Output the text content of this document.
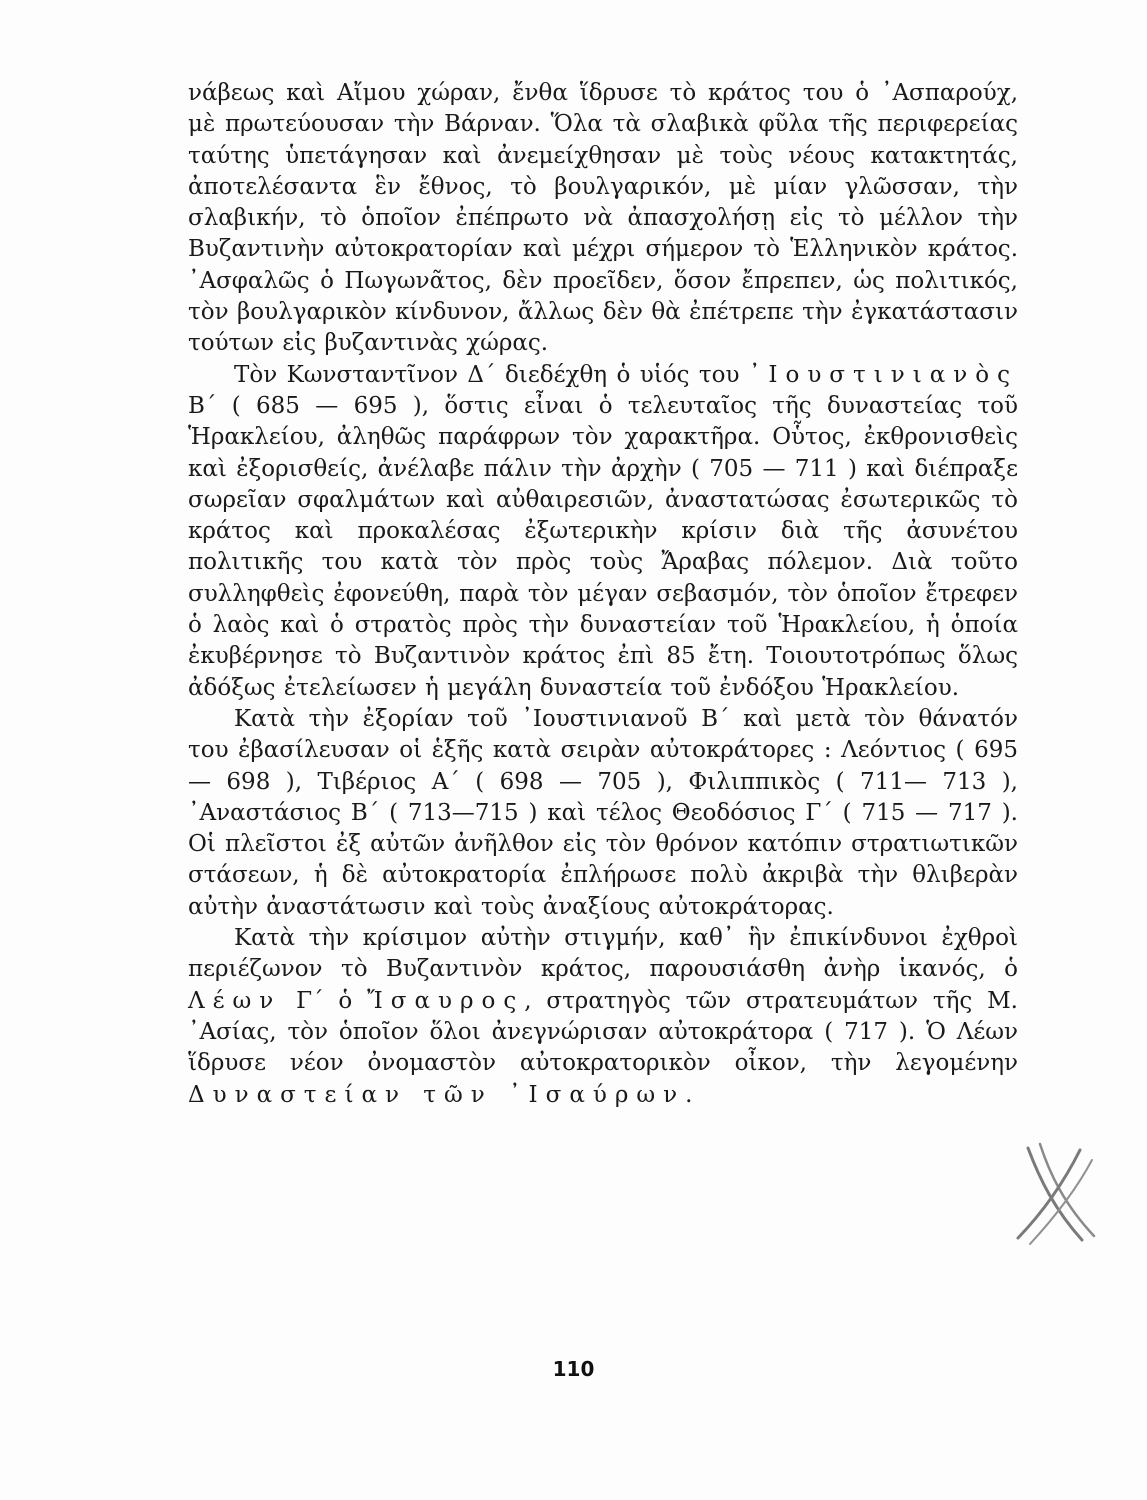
νάβεως καὶ Αἴμου χώραν, ἔνθα ἵδρυσε τὸ κράτος του ὁ ᾿Ασπαρούχ, μὲ πρωτεύουσαν τὴν Βάρναν. Ὅλα τὰ σλαβικὰ φῦλα τῆς περιφερείας ταύτης ὑπετάγησαν καὶ ἀνεμείχθησαν μὲ τοὺς νέους κατακτητάς, ἀποτελέσαντα ἓν ἔθνος, τὸ βουλγαρικόν, μὲ μίαν γλῶσσαν, τὴν σλαβικήν, τὸ ὁποῖον ἐπέπρωτο νὰ ἀπασχολήσῃ εἰς τὸ μέλλον τὴν Βυζαντινὴν αὐτοκρατορίαν καὶ μέχρι σήμερον τὸ Ἑλληνικὸν κράτος. ᾿Ασφαλῶς ὁ Πωγωνᾶτος, δὲν προεῖδεν, ὅσον ἔπρεπεν, ὡς πολιτικός, τὸν βουλγαρικὸν κίνδυνον, ἄλλως δὲν θὰ ἐπέτρεπε τὴν ἐγκατάστασιν τούτων εἰς βυζαντινὰς χώρας.

Τὸν Κωνσταντῖνον Δ΄ διεδέχθη ὁ υἱός του ᾿Ιουστινιανὸς Β΄ ( 685 — 695 ), ὅστις εἶναι ὁ τελευταῖος τῆς δυναστείας τοῦ Ἡρακλείου, ἀληθῶς παράφρων τὸν χαρακτῆρα. Οὗτος, ἐκθρονισθεὶς καὶ ἐξορισθείς, ἀνέλαβε πάλιν τὴν ἀρχὴν ( 705 — 711 ) καὶ διέπραξε σωρεῖαν σφαλμάτων καὶ αὐθαιρεσιῶν, ἀναστατώσας ἐσωτερικῶς τὸ κράτος καὶ προκαλέσας ἐξωτερικὴν κρίσιν διὰ τῆς ἀσυνέτου πολιτικῆς του κατὰ τὸν πρὸς τοὺς Ἄραβας πόλεμον. Διὰ τοῦτο συλληφθεὶς ἐφονεύθη, παρὰ τὸν μέγαν σεβασμόν, τὸν ὁποῖον ἔτρεφεν ὁ λαὸς καὶ ὁ στρατὸς πρὸς τὴν δυναστείαν τοῦ Ἡρακλείου, ἡ ὁποία ἐκυβέρνησε τὸ Βυζαντινὸν κράτος ἐπὶ 85 ἔτη. Τοιουτοτρόπως ὅλως ἀδόξως ἐτελείωσεν ἡ μεγάλη δυναστεία τοῦ ἐνδόξου Ἡρακλείου.

Κατὰ τὴν ἐξορίαν τοῦ ᾿Ιουστινιανοῦ Β΄ καὶ μετὰ τὸν θάνατόν του ἐβασίλευσαν οἱ ἑξῆς κατὰ σειρὰν αὐτοκράτορες : Λεόντιος ( 695 — 698 ), Τιβέριος Α΄ ( 698 — 705 ), Φιλιππικὸς ( 711— 713 ), ᾿Αναστάσιος Β΄ ( 713—715 ) καὶ τέλος Θεοδόσιος Γ΄ ( 715 — 717 ). Οἱ πλεῖστοι ἐξ αὐτῶν ἀνῆλθον εἰς τὸν θρόνον κατόπιν στρατιωτικῶν στάσεων, ἡ δὲ αὐτοκρατορία ἐπλήρωσε πολὺ ἀκριβὰ τὴν θλιβερὰν αὐτὴν ἀναστάτωσιν καὶ τοὺς ἀναξίους αὐτοκράτορας.

Κατὰ τὴν κρίσιμον αὐτὴν στιγμήν, καθ᾿ ἣν ἐπικίνδυνοι ἐχθροὶ περιέζωνον τὸ Βυζαντινὸν κράτος, παρουσιάσθη ἀνὴρ ἱκανός, ὁ Λέων Γ΄ ὁ Ἴσαυρος, στρατηγὸς τῶν στρατευμάτων τῆς Μ. ᾿Ασίας, τὸν ὁποῖον ὅλοι ἀνεγνώρισαν αὐτοκράτορα ( 717 ). Ὁ Λέων ἵδρυσε νέον ὀνομαστὸν αὐτοκρατορικὸν οἶκον, τὴν λεγομένην Δυναστείαν τῶν ᾿Ισαύρων.

110
